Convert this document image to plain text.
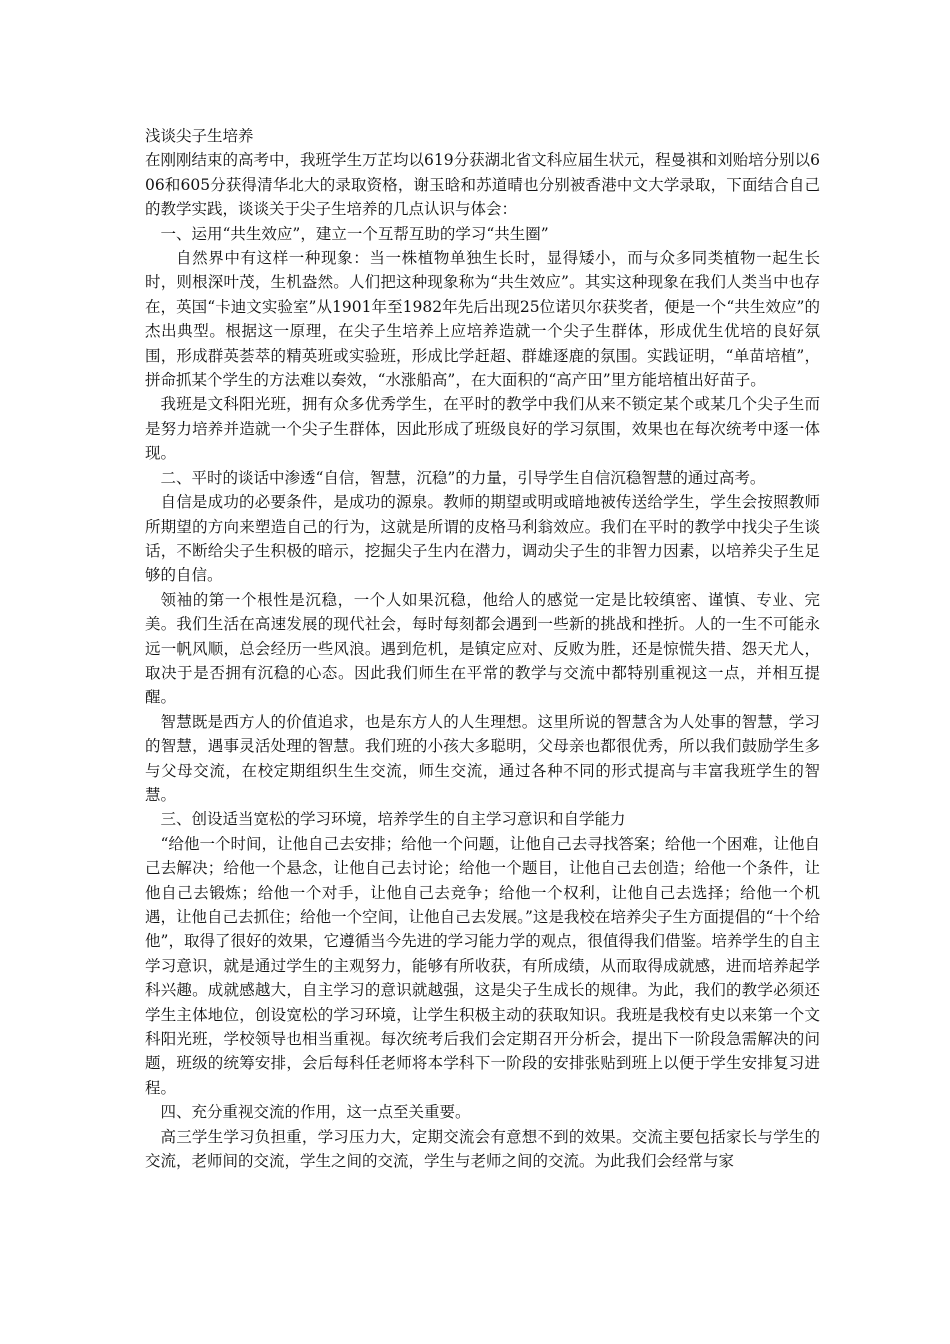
浅谈尖子生培养

在刚刚结束的高考中，我班学生万芷均以619分获湖北省文科应届生状元，程曼祺和刘贻培分别以606和605分获得清华北大的录取资格，谢玉晗和苏道晴也分别被香港中文大学录取，下面结合自己的教学实践，谈谈关于尖子生培养的几点认识与体会：

一、运用“共生效应”，建立一个互帮互助的学习“共生圈”

自然界中有这样一种现象：当一株植物单独生长时，显得矮小，而与众多同类植物一起生长时，则根深叶茂，生机盎然。人们把这种现象称为“共生效应”。其实这种现象在我们人类当中也存在，英国“卡迪文实验室”从1901年至1982年先后出现25位诺贝尔获奖者，便是一个“共生效应”的杰出典型。根据这一原理，在尖子生培养上应培养造就一个尖子生群体，形成优生优培的良好氛围，形成群英荟萃的精英班或实验班，形成比学赶超、群雄逐鹿的氛围。实践证明，“单苗培植”，拼命抓某个学生的方法难以奏效，“水涨船高”，在大面积的“高产田”里方能培植出好苗子。

我班是文科阳光班，拥有众多优秀学生，在平时的教学中我们从来不锁定某个或某几个尖子生而是努力培养并造就一个尖子生群体，因此形成了班级良好的学习氛围，效果也在每次统考中逐一体现。

二、平时的谈话中渗透“自信，智慧，沉稳”的力量，引导学生自信沉稳智慧的通过高考。

自信是成功的必要条件，是成功的源泉。教师的期望或明或暗地被传送给学生，学生会按照教师所期望的方向来塑造自己的行为，这就是所谓的皮格马利翁效应。我们在平时的教学中找尖子生谈话，不断给尖子生积极的暗示，挖掘尖子生内在潜力，调动尖子生的非智力因素，以培养尖子生足够的自信。

领袖的第一个根性是沉稳，一个人如果沉稳，他给人的感觉一定是比较缜密、谨慎、专业、完美。我们生活在高速发展的现代社会，每时每刻都会遇到一些新的挑战和挫折。人的一生不可能永远一帆风顺，总会经历一些风浪。遇到危机，是镇定应对、反败为胜，还是惊慌失措、怨天尤人，取决于是否拥有沉稳的心态。因此我们师生在平常的教学与交流中都特别重视这一点，并相互提醒。

智慧既是西方人的价值追求，也是东方人的人生理想。这里所说的智慧含为人处事的智慧，学习的智慧，遇事灵活处理的智慧。我们班的小孩大多聪明，父母亲也都很优秀，所以我们鼓励学生多与父母交流，在校定期组织生生交流，师生交流，通过各种不同的形式提高与丰富我班学生的智慧。

三、创设适当宽松的学习环境，培养学生的自主学习意识和自学能力

“给他一个时间，让他自己去安排；给他一个问题，让他自己去寻找答案；给他一个困难，让他自己去解决；给他一个悬念，让他自己去讨论；给他一个题目，让他自己去创造；给他一个条件，让他自己去锻炼；给他一个对手，让他自己去竞争；给他一个权利，让他自己去选择；给他一个机遇，让他自己去抓住；给他一个空间，让他自己去发展。”这是我校在培养尖子生方面提倡的“十个给他”，取得了很好的效果，它遵循当今先进的学习能力学的观点，很值得我们借鉴。培养学生的自主学习意识，就是通过学生的主观努力，能够有所收获，有所成绩，从而取得成就感，进而培养起学科兴趣。成就感越大，自主学习的意识就越强，这是尖子生成长的规律。为此，我们的教学必须还学生主体地位，创设宽松的学习环境，让学生积极主动的获取知识。我班是我校有史以来第一个文科阳光班，学校领导也相当重视。每次统考后我们会定期召开分析会，提出下一阶段急需解决的问题，班级的统筹安排，会后每科任老师将本学科下一阶段的安排张贴到班上以便于学生安排复习进程。

四、充分重视交流的作用，这一点至关重要。

高三学生学习负担重，学习压力大，定期交流会有意想不到的效果。交流主要包括家长与学生的交流，老师间的交流，学生之间的交流，学生与老师之间的交流。为此我们会经常与家
